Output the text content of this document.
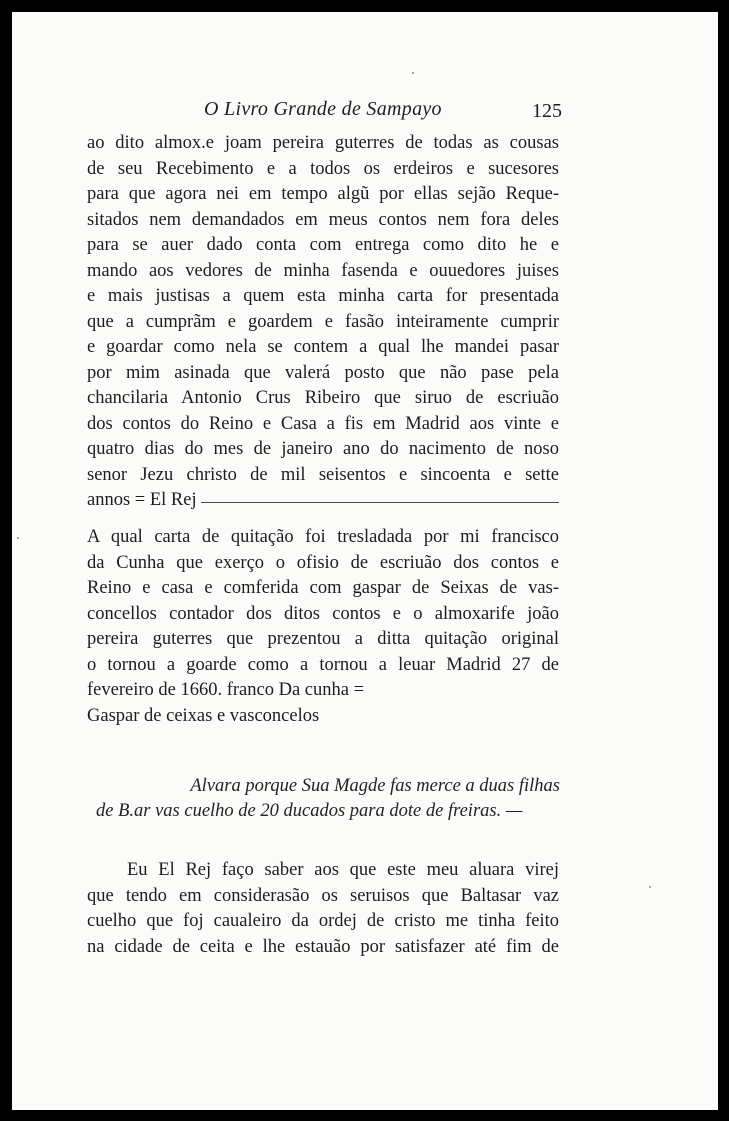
O Livro Grande de Sampayo	125
ao dito almox.e joam pereira guterres de todas as cousas
de seu Recebimento e a todos os erdeiros e sucesores
para que agora nei em tempo algũ por ellas sejão Reque-
sitados nem demandados em meus contos nem fora deles
para se auer dado conta com entrega como dito he e
mando aos vedores de minha fasenda e ouuedores juises
e mais justisas a quem esta minha carta for presentada
que a cumprãm e goardem e fasão inteiramente cumprir
e goardar como nela se contem a qual lhe mandei pasar
por mim asinada que valerá posto que não pase pela
chancilaria Antonio Crus Ribeiro que siruo de escriuão
dos contos do Reino e Casa a fis em Madrid aos vinte e
quatro dias do mes de janeiro ano do nacimento de noso
senor Jezu christo de mil seisentos e sincoenta e sette
annos = El Rej
A qual carta de quitação foi tresladada por mi francisco
da Cunha que exerço o ofisio de escriuão dos contos e
Reino e casa e comferida com gaspar de Seixas de vas-
concellos contador dos ditos contos e o almoxarife joão
pereira guterres que prezentou a ditta quitação original
o tornou a goarde como a tornou a leuar Madrid 27 de
fevereiro de 1660. franco Da cunha =
Gaspar de ceixas e vasconcelos
Alvara porque Sua Magde fas merce a duas filhas
de B.ar vas cuelho de 20 ducados para dote de freiras. —
Eu El Rej faço saber aos que este meu aluara virej
que tendo em considerasão os seruisos que Baltasar vaz
cuelho que foj caualeiro da ordej de cristo me tinha feito
na cidade de ceita e lhe estauão por satisfazer até fim de
